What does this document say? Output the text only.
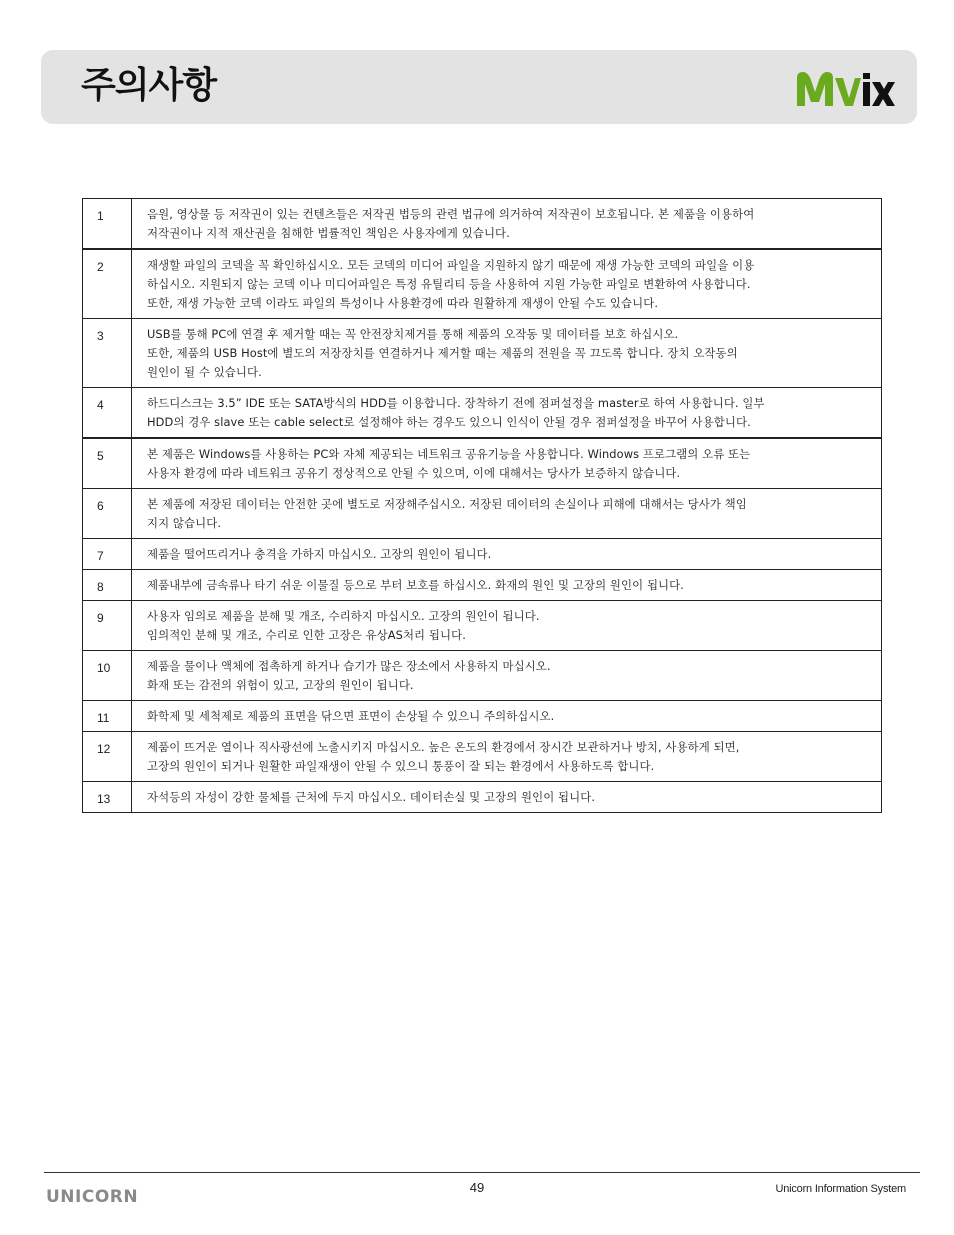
주의사항
1	음원, 영상물 등 저작권이 있는 컨텐츠들은 저작권 법등의 관련 법규에 의거하여 저작권이 보호됩니다. 본 제품을 이용하여
저작권이나 지적 재산권을 침해한 법률적인 책임은 사용자에게 있습니다.

2	재생할 파일의 코덱을 꼭 확인하십시오. 모든 코덱의 미디어 파일을 지원하지 않기 때문에 재생 가능한 코덱의 파일을 이용
하십시오. 지원되지 않는 코덱 이나 미디어파일은 특정 유틸리티 등을 사용하여 지원 가능한 파일로 변환하여 사용합니다.
또한, 재생 가능한 코덱 이라도 파일의 특성이나 사용환경에 따라 원활하게 재생이 안될 수도 있습니다.

3	USB를 통해 PC에 연결 후 제거할 때는 꼭 안전장치제거를 통해 제품의 오작동 및 데이터를 보호 하십시오.
또한, 제품의 USB Host에 별도의 저장장치를 연결하거나 제거할 때는 제품의 전원을 꼭 끄도록 합니다. 장치 오작동의
원인이 될 수 있습니다.

4	하드디스크는 3.5” IDE 또는 SATA방식의 HDD를 이용합니다. 장착하기 전에 점퍼설정을 master로 하여 사용합니다. 일부
HDD의 경우 slave 또는 cable select로 설정해야 하는 경우도 있으니 인식이 안될 경우 점퍼설정을 바꾸어 사용합니다.

5	본 제품은 Windows를 사용하는 PC와 자체 제공되는 네트워크 공유기능을 사용합니다. Windows 프로그램의 오류 또는
사용자 환경에 따라 네트워크 공유기 정상적으로 안될 수 있으며, 이에 대해서는 당사가 보증하지 않습니다.

6	본 제품에 저장된 데이터는 안전한 곳에 별도로 저장해주십시오. 저장된 데이터의 손실이나 피해에 대해서는 당사가 책임
지지 않습니다.

7	제품을 떨어뜨리거나 충격을 가하지 마십시오. 고장의 원인이 됩니다.

8	제품내부에 금속류나 타기 쉬운 이물질 등으로 부터 보호를 하십시오. 화재의 원인 및 고장의 원인이 됩니다.

9	사용자 임의로 제품을 분해 및 개조, 수리하지 마십시오. 고장의 원인이 됩니다.
임의적인 분해 및 개조, 수리로 인한 고장은 유상AS처리 됩니다.

10	제품을 물이나 액체에 접촉하게 하거나 습기가 많은 장소에서 사용하지 마십시오.
화재 또는 감전의 위험이 있고, 고장의 원인이 됩니다.

11	화학제 및 세척제로 제품의 표면을 닦으면 표면이 손상될 수 있으니 주의하십시오.

12	제품이 뜨거운 열이나 직사광선에 노출시키지 마십시오. 높은 온도의 환경에서 장시간 보관하거나 방치, 사용하게 되면,
고장의 원인이 되거나 원활한 파일재생이 안될 수 있으니 통풍이 잘 되는 환경에서 사용하도록 합니다.

13	자석등의 자성이 강한 물체를 근처에 두지 마십시오. 데이터손실 및 고장의 원인이 됩니다.
UNICORN	49	Unicorn Information System
